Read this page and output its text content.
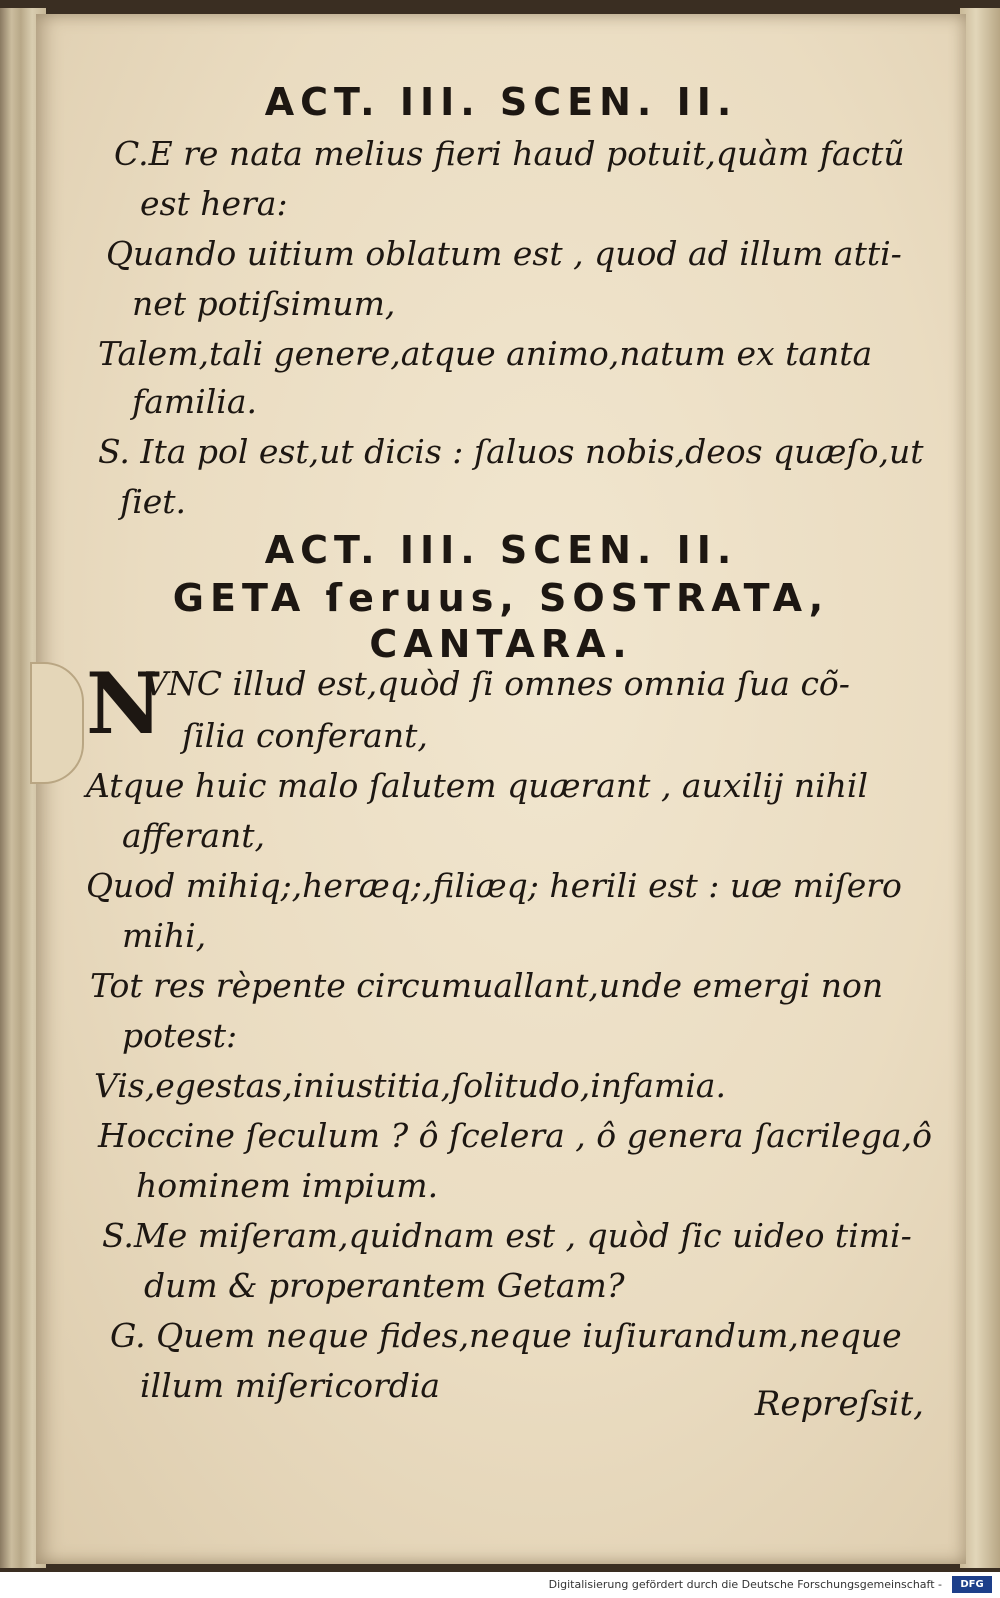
ACT. III. SCEN. II.
C.E re nata melius fieri haud potuit,quàm factũ
est hera:
Quando uitium oblatum est , quod ad illum atti-
net potiſsimum,
Talem,tali genere,atque animo,natum ex tanta
familia.
S. Ita pol est,ut dicis : ſaluos nobis,deos quæſo,ut
ſiet.
ACT. III. SCEN. II.
GETA ſeruus, SOSTRATA,
CANTARA.
N
VNC illud est,quòd ſi omnes omnia ſua cõ-
ſilia conferant,
Atque huic malo ſalutem quærant , auxilij nihil
afferant,
Quod mihiq;,heræq;,filiæq; herili est : uæ miſero
mihi,
Tot res rèpente circumuallant,unde emergi non
potest:
Vis,egestas,iniustitia,ſolitudo,infamia.
Hoccine ſeculum ? ô ſcelera , ô genera ſacrilega,ô
hominem impium.
S.Me miſeram,quidnam est , quòd ſic uideo timi-
dum & properantem Getam?
G. Quem neque fides,neque iuſiurandum,neque
illum miſericordia	Repreſsit,
Digitalisierung gefördert durch die Deutsche Forschungsgemeinschaft -	DFG
